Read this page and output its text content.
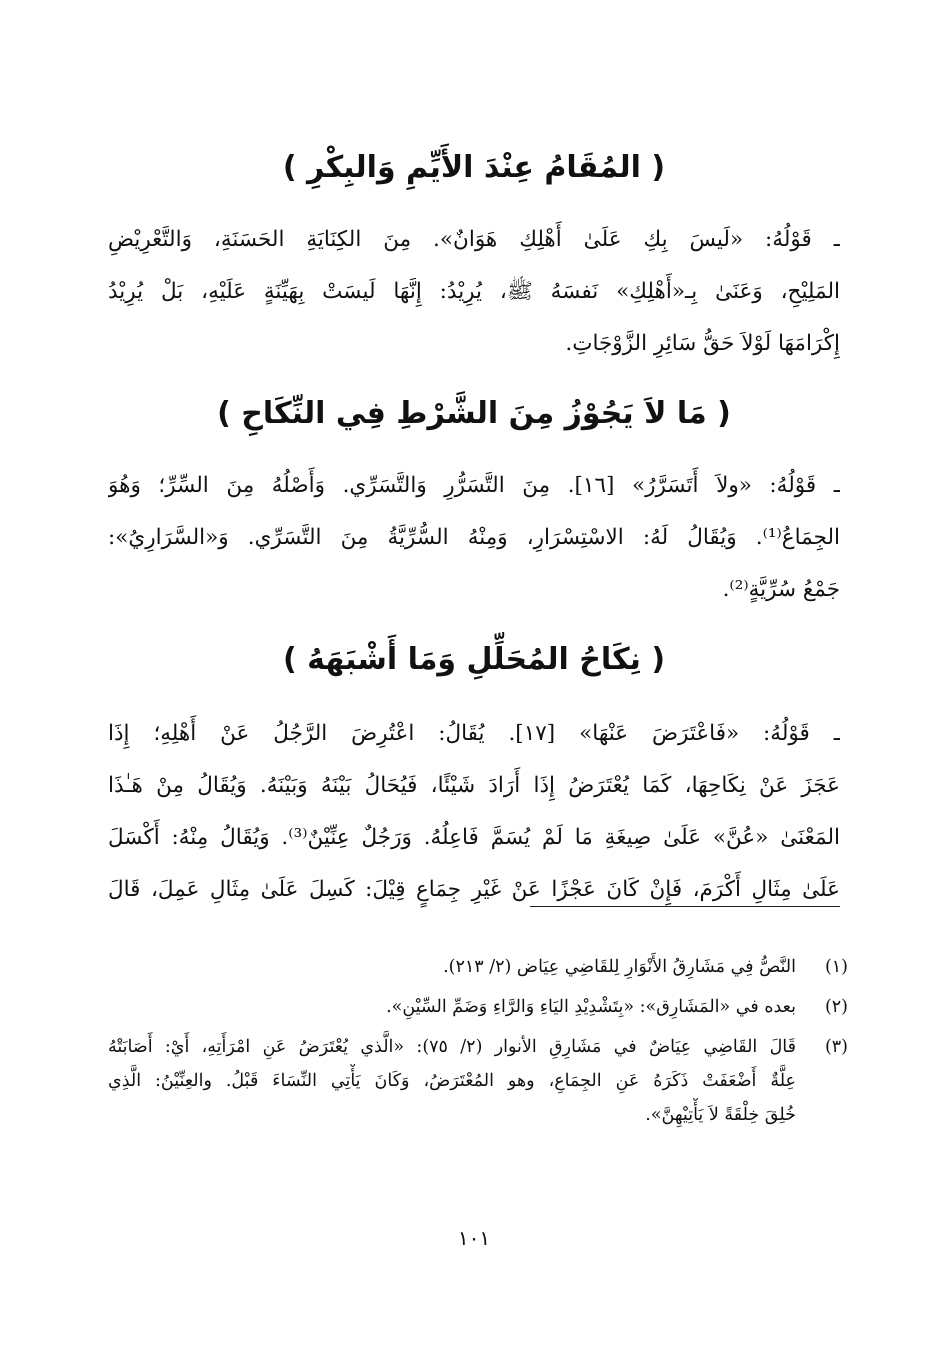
( المُقَامُ عِنْدَ الأَيِّمِ وَالبِكْرِ )
ـ قَوْلُهُ: «لَيسَ بِكِ عَلَىٰ أَهْلِكِ هَوَانٌ». مِنَ الكِنَايَةِ الحَسَنَةِ، وَالتَّعْرِيْضِ
المَلِيْحِ، وَعَنَىٰ بِـ«أَهْلِكِ» نَفسَهُ ﷺ، يُرِيْدُ: إِنَّهَا لَيسَتْ بِهَيِّنَةٍ عَلَيْهِ، بَلْ يُرِيْدُ
إِكْرَامَهَا لَوْلاَ حَقُّ سَائِرِ الزَّوْجَاتِ.
( مَا لاَ يَجُوْزُ مِنَ الشَّرْطِ فِي النِّكَاحِ )
ـ قَوْلُهُ: «ولاَ أَتَسَرَّرُ» [١٦]. مِنَ التَّسَرُّرِ وَالتَّسَرِّي. وَأَصْلُهُ مِنَ السِّرِّ؛ وَهُوَ
الجِمَاعُ⁽¹⁾. وَيُقَالُ لَهُ: الاسْتِسْرَارِ، وَمِنْهُ السُّرِّيَّةُ مِنَ التَّسَرِّي. وَ«السَّرَارِيُ»:
جَمْعُ سُرِّيَّةٍ⁽²⁾.
( نِكَاحُ المُحَلِّلِ وَمَا أَشْبَهَهُ )
ـ قَوْلُهُ: «فَاعْتَرَضَ عَنْهَا» [١٧]. يُقَالُ: اعْتُرِضَ الرَّجُلُ عَنْ أَهْلِهِ؛ إِذَا
عَجَزَ عَنْ نِكَاحِهَا، كَمَا يُعْتَرَضُ إِذَا أَرَادَ شَيْئًا، فَيُحَالُ بَيْنَهُ وَبَيْنَهُ. وَيُقَالُ مِنْ هَـٰذَا
المَعْنَىٰ «عُنَّ» عَلَىٰ صِيغَةِ مَا لَمْ يُسَمَّ فَاعِلُهُ. وَرَجُلٌ عِنِّيْنٌ⁽³⁾. وَيُقَالُ مِنْهُ: أَكْسَلَ
عَلَىٰ مِثَالِ أَكْرَمَ، فَإِنْ كَانَ عَجْزًا عَنْ غَيْرِ جِمَاعٍ قِيْلَ: كَسِلَ عَلَىٰ مِثَالِ عَمِلَ، قَالَ
(١)
النَّصُّ فِي مَشَارِقُ الأَنْوَارِ لِلقَاضِي عِيَاض (٢/ ٢١٣).
(٢)
بعده في «المَشَارِق»: «بِتَشْدِيْدِ اليَاءِ وَالرَّاءِ وَضَمِّ السِّيْنِ».
(٣)
قَالَ القَاضِي عِيَاضٌ في مَشَارِقِ الأنوار (٢/ ٧٥): «الَّذي يُعْتَرَضُ عَنِ امْرَأَتِهِ، أَيْ: أَصَابَتْهُ
عِلَّةٌ أَضْعَفَتْ ذَكَرَهُ عَنِ الجِمَاعِ، وهو المُعْتَرَضُ، وَكَانَ يَأْتِي النِّسَاءَ قَبْلُ. والعِنِّيْنُ: الَّذِي
خُلِقَ خِلْقَةً لاَ يَأْتِيْهِنَّ».
١٠١
